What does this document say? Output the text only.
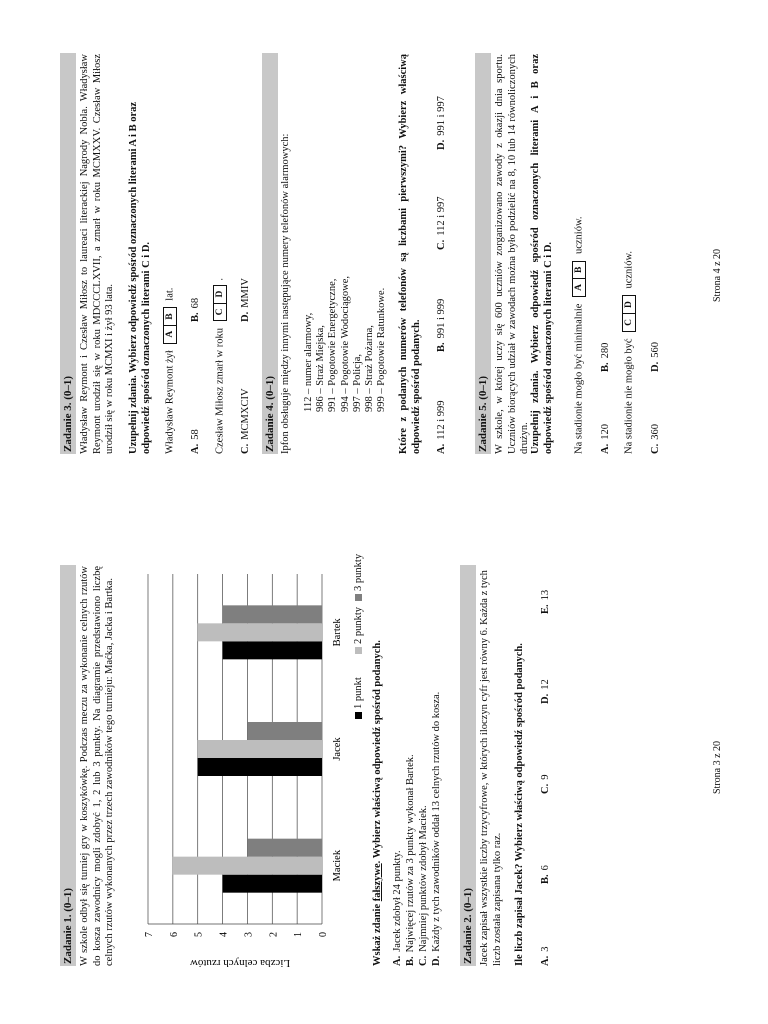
Zadanie 1. (0–1) W szkole odbył się turniej gry w koszykówkę. Podczas meczu za wykonanie celnych rzutów do kosza zawodnicy mogli zdobyć 1, 2 lub 3 punkty. Na diagramie przedstawiono liczbę celnych rzutów wykonanych przez trzech zawodników tego turnieju: Maćka, Jacka i Bartka.	0
1
2
3
4
5
6
7
Maciek
Jacek
Bartek
Liczba celnych rzutów
1 punkt
2 punkty
3 punkty

Wskaż zdanie fałszywe. Wybierz właściwą odpowiedź spośród podanych.

A.Jacek zdobył 24 punkty.
B.Najwięcej rzutów za 3 punkty wykonał Bartek.
C.Najmniej punktów zdobył Maciek.
D.Każdy z tych zawodników oddał 13 celnych rzutów do kosza. Zadanie 2. (0–1) Jacek zapisał wszystkie liczby trzycyfrowe, w których iloczyn cyfr jest równy 6. Każda z tych liczb została zapisana tylko raz. Ile liczb zapisał Jacek? Wybierz właściwą odpowiedź spośród podanych. A.3
B.6
C.9
D.12
E.13
Strona 3 z 20
Zadanie 3. (0–1) Władysław Reymont i Czesław Miłosz to laureaci literackiej Nagrody Nobla. Władysław Reymont urodził się w roku MDCCCLXVII, a zmarł w roku MCMXXV. Czesław Miłosz urodził się w roku MCMXI i żył 93 lata. Uzupełnij zdania. Wybierz odpowiedź spośród oznaczonych literami A i B oraz odpowiedź spośród oznaczonych literami C i D. Władysław Reymont żył
A
B
lat.
A.58
B.68
Czesław Miłosz zmarł w roku
C
D
.
C.MCMXCIV
D.MMIV
Zadanie 4. (0–1) Ipfon obsługuje między innymi następujące numery telefonów alarmowych: 112 – numer alarmowy, 986 – Straż Miejska, 991 – Pogotowie Energetyczne, 994 – Pogotowie Wodociągowe, 997 – Policja, 998 – Straż Pożarna, 999 – Pogotowie Ratunkowe. Które z podanych numerów telefonów są liczbami pierwszymi? Wybierz właściwą odpowiedź spośród podanych. A.112 i 999
B.991 i 999
C.112 i 997
D.991 i 997
Zadanie 5. (0–1) W szkole, w której uczy się 600 uczniów zorganizowano zawody z okazji dnia sportu. Uczniów biorących udział w zawodach można było podzielić na 8, 10 lub 14 równoliczonych drużyn. Uzupełnij zdania. Wybierz odpowiedź spośród oznaczonych literami A i B oraz odpowiedź spośród oznaczonych literami C i D. Na stadionie mogło być minimalnie
A
B
uczniów.
A.120
B.280 Na stadionie nie mogło być
C
D
uczniów.
C.360
D.560
Strona 4 z 20
